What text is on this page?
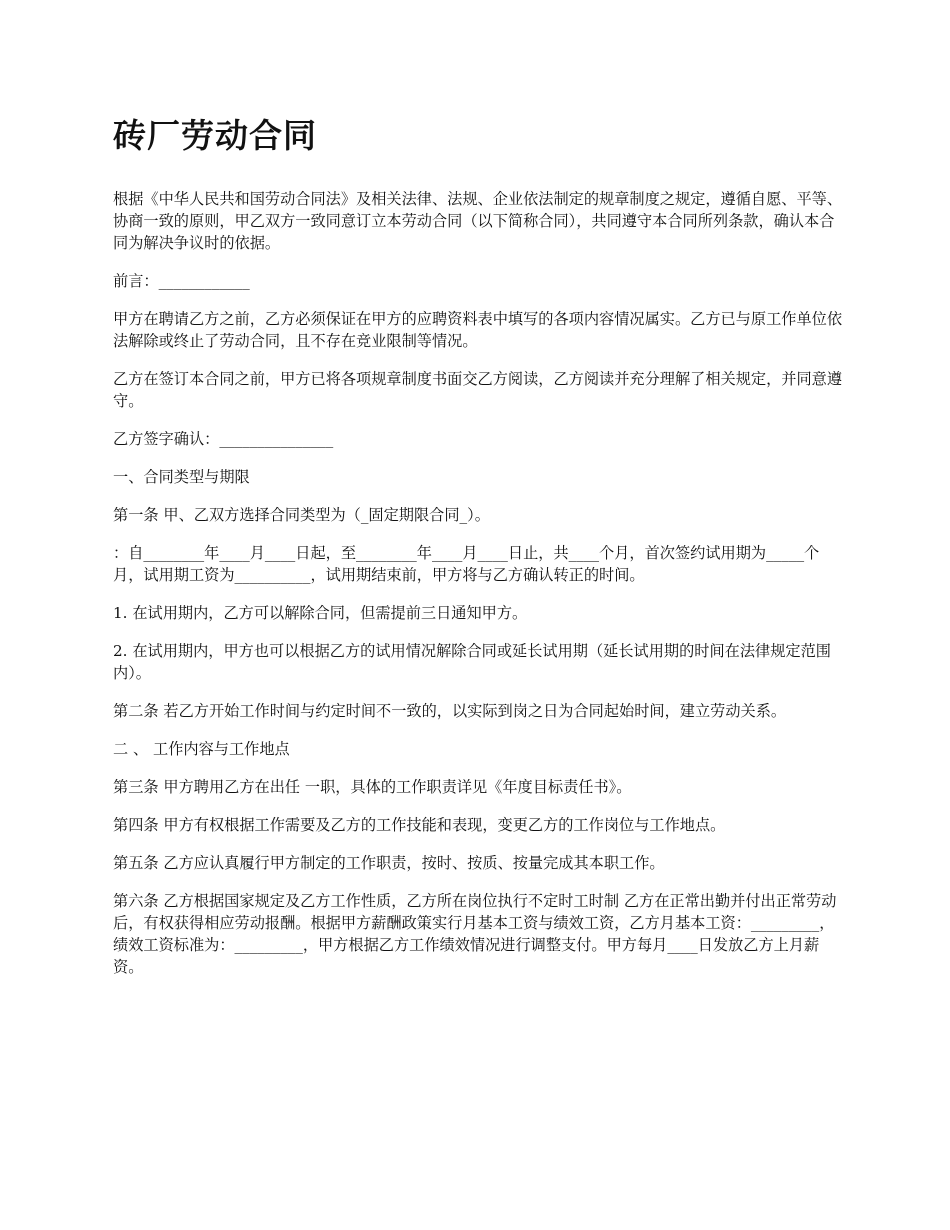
砖厂劳动合同

根据《中华人民共和国劳动合同法》及相关法律、法规、企业依法制定的规章制度之规定，遵循自愿、平等、协商一致的原则，甲乙双方一致同意订立本劳动合同（以下简称合同），共同遵守本合同所列条款，确认本合同为解决争议时的依据。

前言：____________

甲方在聘请乙方之前，乙方必须保证在甲方的应聘资料表中填写的各项内容情况属实。乙方已与原工作单位依法解除或终止了劳动合同，且不存在竞业限制等情况。

乙方在签订本合同之前，甲方已将各项规章制度书面交乙方阅读，乙方阅读并充分理解了相关规定，并同意遵守。

乙方签字确认：_______________

一、合同类型与期限

第一条 甲、乙双方选择合同类型为（_固定期限合同_）。

：自________年____月____日起，至________年____月____日止，共____个月，首次签约试用期为_____个月，试用期工资为__________，试用期结束前，甲方将与乙方确认转正的时间。

1. 在试用期内，乙方可以解除合同，但需提前三日通知甲方。

2. 在试用期内，甲方也可以根据乙方的试用情况解除合同或延长试用期（延长试用期的时间在法律规定范围内）。

第二条 若乙方开始工作时间与约定时间不一致的，以实际到岗之日为合同起始时间，建立劳动关系。

二 、 工作内容与工作地点

第三条 甲方聘用乙方在出任 一职，具体的工作职责详见《年度目标责任书》。

第四条 甲方有权根据工作需要及乙方的工作技能和表现，变更乙方的工作岗位与工作地点。

第五条 乙方应认真履行甲方制定的工作职责，按时、按质、按量完成其本职工作。

第六条 乙方根据国家规定及乙方工作性质，乙方所在岗位执行不定时工时制 乙方在正常出勤并付出正常劳动后，有权获得相应劳动报酬。根据甲方薪酬政策实行月基本工资与绩效工资，乙方月基本工资：_________，绩效工资标准为：_________，甲方根据乙方工作绩效情况进行调整支付。甲方每月____日发放乙方上月薪资。
